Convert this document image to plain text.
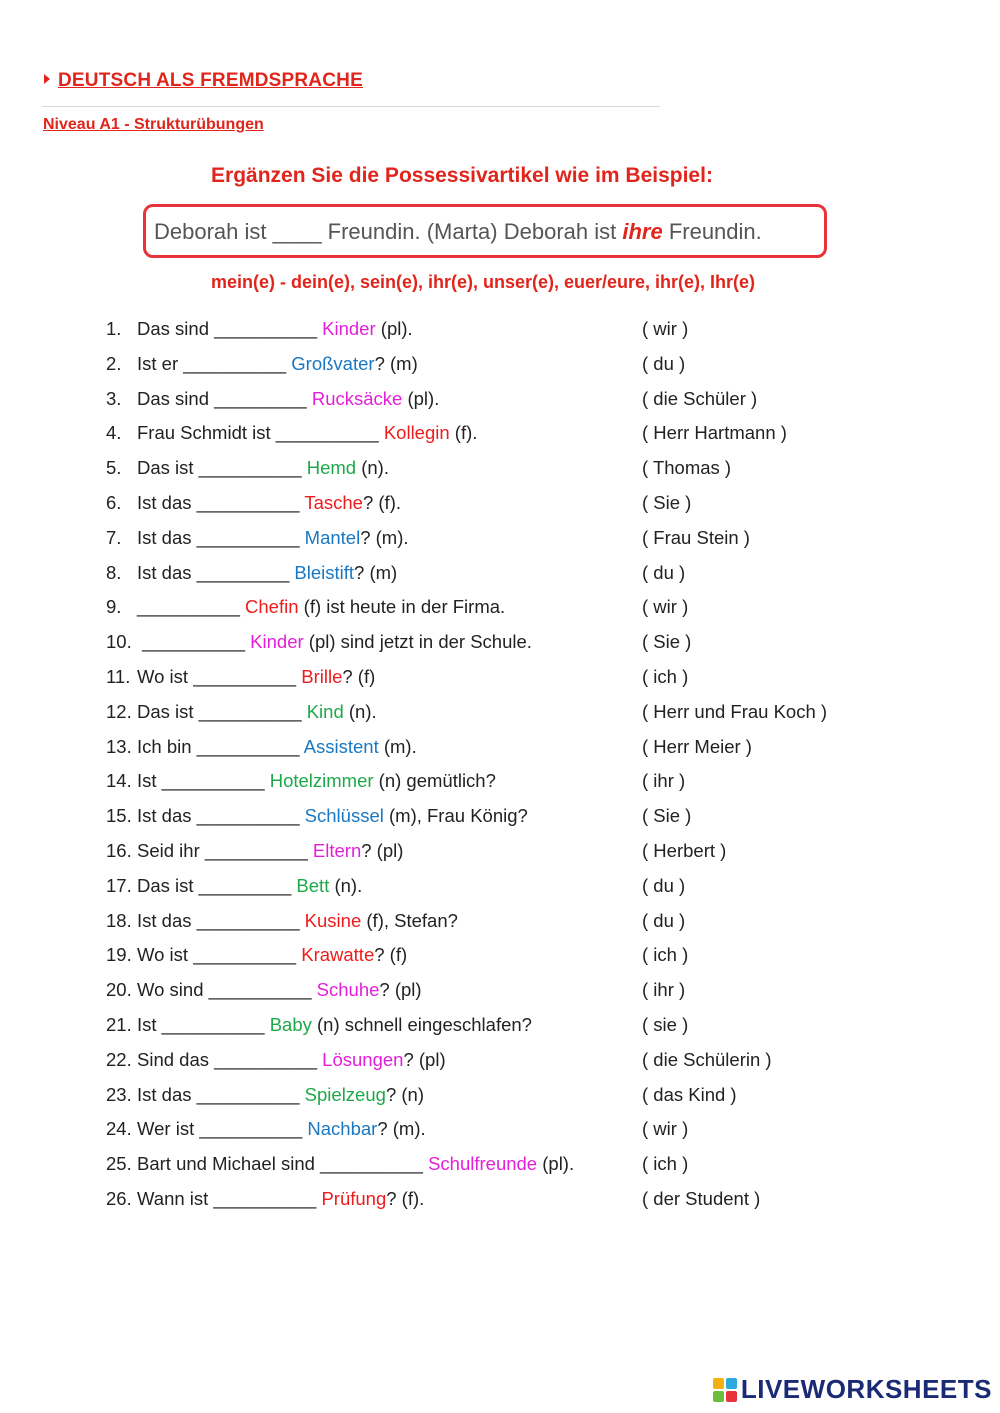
DEUTSCH ALS FREMDSPRACHE
Niveau A1 - Strukturübungen
Ergänzen Sie die Possessivartikel wie im Beispiel:
Deborah ist ____ Freundin. (Marta) Deborah ist ihre Freundin.
mein(e) - dein(e), sein(e), ihr(e), unser(e), euer/eure, ihr(e), Ihr(e)
1. Das sind __________ Kinder (pl).	( wir )
2. Ist er __________ Großvater? (m)	( du )
3. Das sind _________ Rucksäcke (pl).	( die Schüler )
4. Frau Schmidt ist __________ Kollegin (f).	( Herr Hartmann )
5. Das ist __________ Hemd (n).	( Thomas )
6. Ist das __________ Tasche? (f).	( Sie )
7. Ist das __________ Mantel? (m).	( Frau Stein )
8. Ist das _________ Bleistift? (m)	( du )
9. __________ Chefin (f) ist heute in der Firma.	( wir )
10. __________ Kinder (pl) sind jetzt in der Schule.	( Sie )
11. Wo ist __________ Brille? (f)	( ich )
12. Das ist __________ Kind (n).	( Herr und Frau Koch )
13. Ich bin __________ Assistent (m).	( Herr Meier )
14. Ist __________ Hotelzimmer (n) gemütlich?	( ihr )
15. Ist das __________ Schlüssel (m), Frau König?	( Sie )
16. Seid ihr __________ Eltern? (pl)	( Herbert )
17. Das ist _________ Bett (n).	( du )
18. Ist das __________ Kusine (f), Stefan?	( du )
19. Wo ist __________ Krawatte? (f)	( ich )
20. Wo sind __________ Schuhe? (pl)	( ihr )
21. Ist __________ Baby (n) schnell eingeschlafen?	( sie )
22. Sind das __________ Lösungen? (pl)	( die Schülerin )
23. Ist das __________ Spielzeug? (n)	( das Kind )
24. Wer ist __________ Nachbar? (m).	( wir )
25. Bart und Michael sind __________ Schulfreunde (pl).	( ich )
26. Wann ist __________ Prüfung? (f).	( der Student )
LIVEWORKSHEETS
